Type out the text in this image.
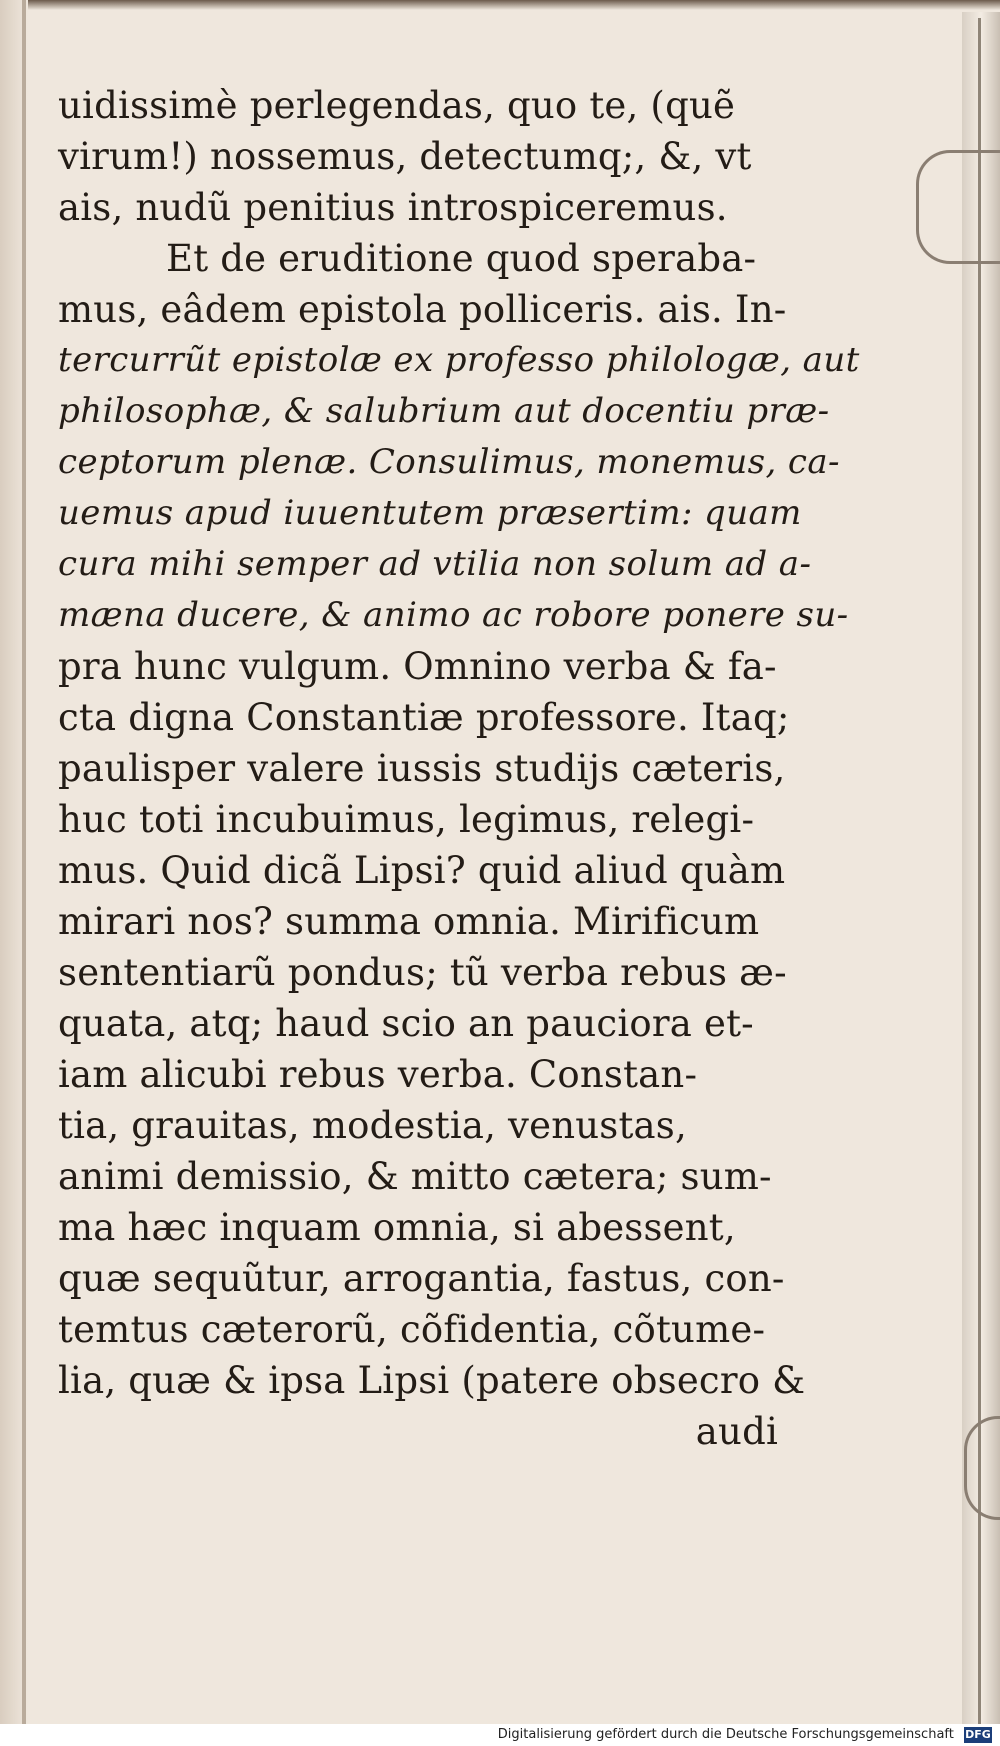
uidissimè perlegendas, quo te, (quẽ
virum!) nossemus, detectumq;, &, vt
ais, nudũ penitius introspiceremus.
Et de eruditione quod speraba-
mus, eâdem epistola polliceris. ais. In-
tercurrũt epistolæ ex professo philologæ, aut
philosophæ, & salubrium aut docentiu præ-
ceptorum plenæ. Consulimus, monemus, ca-
uemus apud iuuentutem præsertim: quam
cura mihi semper ad vtilia non solum ad a-
mæna ducere, & animo ac robore ponere su-
pra hunc vulgum. Omnino verba & fa-
cta digna Constantiæ professore. Itaq;
paulisper valere iussis studijs cæteris,
huc toti incubuimus, legimus, relegi-
mus. Quid dicã Lipsi? quid aliud quàm
mirari nos? summa omnia. Mirificum
sententiarũ pondus; tũ verba rebus æ-
quata, atq; haud scio an pauciora et-
iam alicubi rebus verba. Constan-
tia, grauitas, modestia, venustas,
animi demissio, & mitto cætera; sum-
ma hæc inquam omnia, si abessent,
quæ sequũtur, arrogantia, fastus, con-
temtus cæterorũ, cõfidentia, cõtume-
lia, quæ & ipsa Lipsi (patere obsecro &
audi
Digitalisierung gefördert durch die Deutsche Forschungsgemeinschaft DFG
